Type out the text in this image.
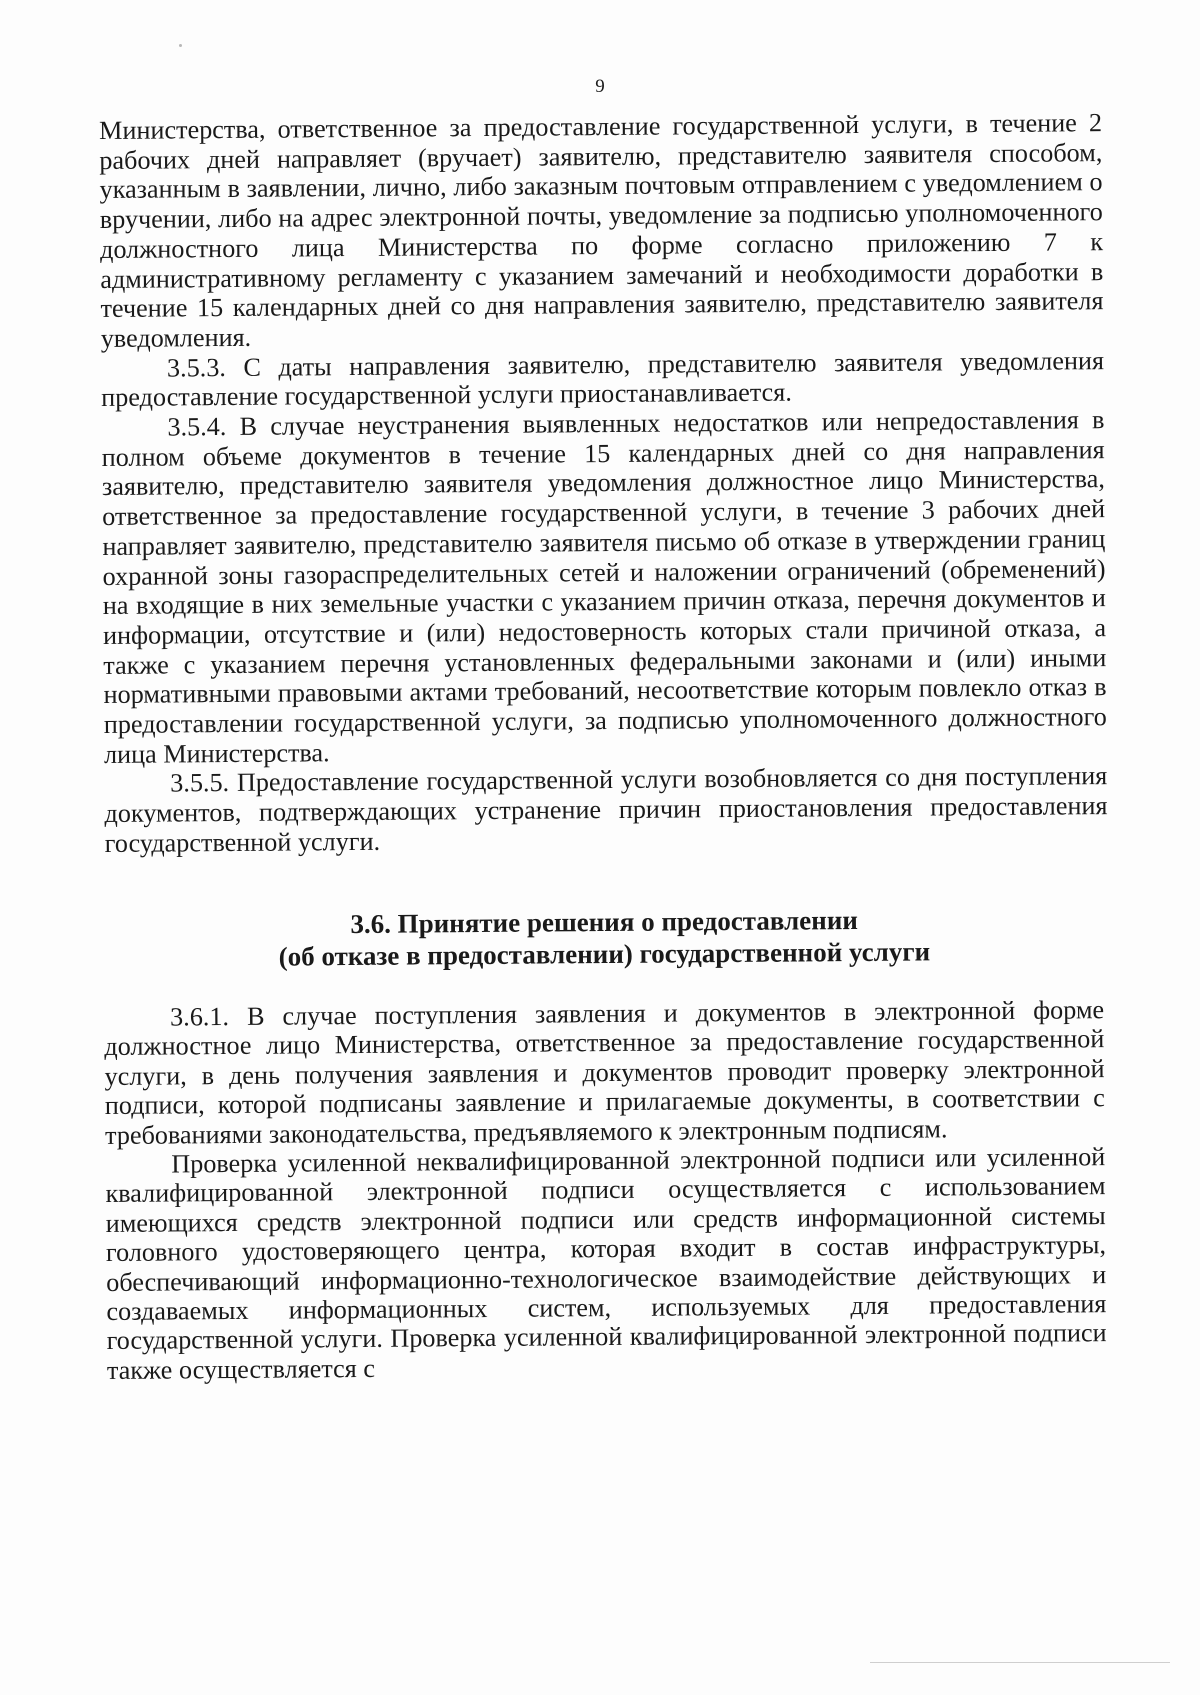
9

Министерства, ответственное за предоставление государственной услуги, в течение 2 рабочих дней направляет (вручает) заявителю, представителю заявителя способом, указанным в заявлении, лично, либо заказным почтовым отправлением с уведомлением о вручении, либо на адрес электронной почты, уведомление за подписью уполномоченного должностного лица Министерства по форме согласно приложению 7 к административному регламенту с указанием замечаний и необходимости доработки в течение 15 календарных дней со дня направления заявителю, представителю заявителя уведомления.

3.5.3. С даты направления заявителю, представителю заявителя уведомления предоставление государственной услуги приостанавливается.

3.5.4. В случае неустранения выявленных недостатков или непредоставления в полном объеме документов в течение 15 календарных дней со дня направления заявителю, представителю заявителя уведомления должностное лицо Министерства, ответственное за предоставление государственной услуги, в течение 3 рабочих дней направляет заявителю, представителю заявителя письмо об отказе в утверждении границ охранной зоны газораспределительных сетей и наложении ограничений (обременений) на входящие в них земельные участки с указанием причин отказа, перечня документов и информации, отсутствие и (или) недостоверность которых стали причиной отказа, а также с указанием перечня установленных федеральными законами и (или) иными нормативными правовыми актами требований, несоответствие которым повлекло отказ в предоставлении государственной услуги, за подписью уполномоченного должностного лица Министерства.

3.5.5. Предоставление государственной услуги возобновляется со дня поступления документов, подтверждающих устранение причин приостановления предоставления государственной услуги.

3.6. Принятие решения о предоставлении
(об отказе в предоставлении) государственной услуги

3.6.1. В случае поступления заявления и документов в электронной форме должностное лицо Министерства, ответственное за предоставление государственной услуги, в день получения заявления и документов проводит проверку электронной подписи, которой подписаны заявление и прилагаемые документы, в соответствии с требованиями законодательства, предъявляемого к электронным подписям.

Проверка усиленной неквалифицированной электронной подписи или усиленной квалифицированной электронной подписи осуществляется с использованием имеющихся средств электронной подписи или средств информационной системы головного удостоверяющего центра, которая входит в состав инфраструктуры, обеспечивающий информационно-технологическое взаимодействие действующих и создаваемых информационных систем, используемых для предоставления государственной услуги. Проверка усиленной квалифицированной электронной подписи также осуществляется с
